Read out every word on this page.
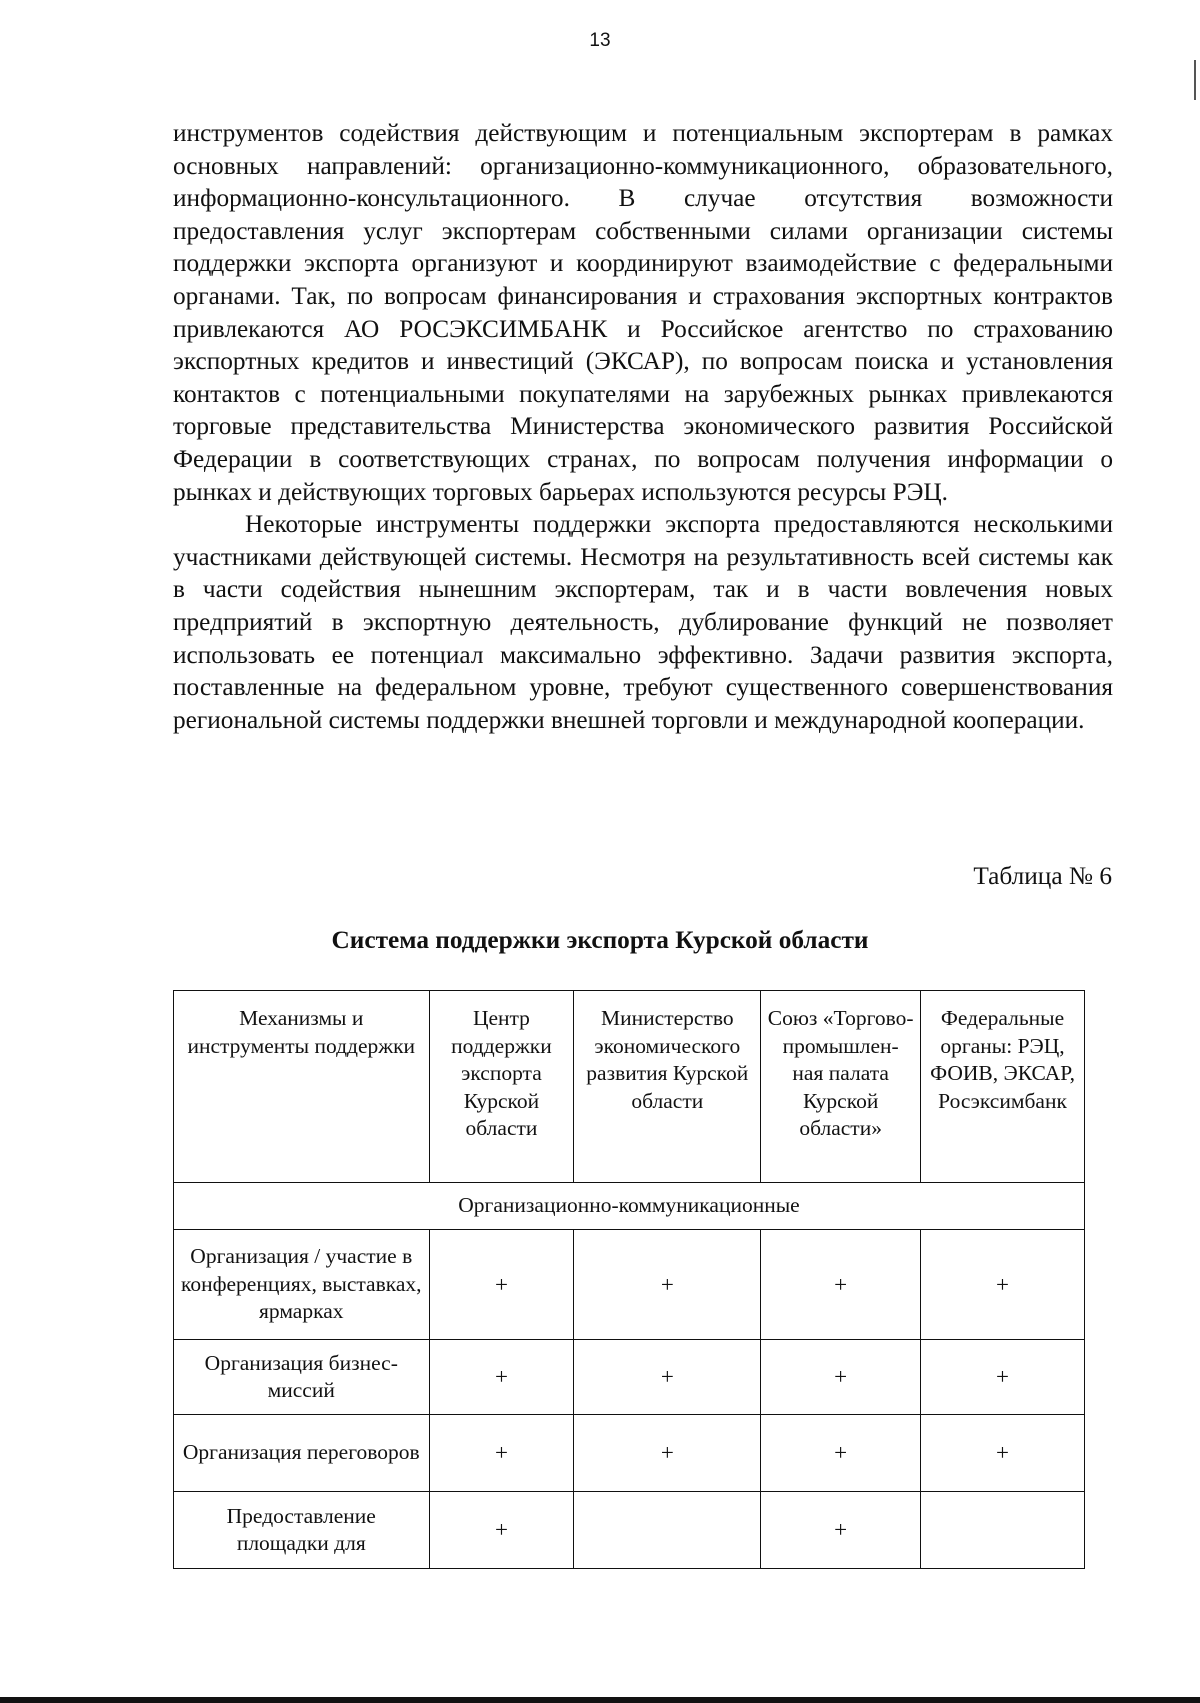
13

инструментов содействия действующим и потенциальным экспортерам в рамках основных направлений: организационно-коммуникационного, образовательного, информационно-консультационного. В случае отсутствия возможности предоставления услуг экспортерам собственными силами организации системы поддержки экспорта организуют и координируют взаимодействие с федеральными органами. Так, по вопросам финансирования и страхования экспортных контрактов привлекаются АО РОСЭКСИМБАНК и Российское агентство по страхованию экспортных кредитов и инвестиций (ЭКСАР), по вопросам поиска и установления контактов с потенциальными покупателями на зарубежных рынках привлекаются торговые представительства Министерства экономического развития Российской Федерации в соответствующих странах, по вопросам получения информации о рынках и действующих торговых барьерах используются ресурсы РЭЦ.

Некоторые инструменты поддержки экспорта предоставляются несколькими участниками действующей системы. Несмотря на результативность всей системы как в части содействия нынешним экспортерам, так и в части вовлечения новых предприятий в экспортную деятельность, дублирование функций не позволяет использовать ее потенциал максимально эффективно. Задачи развития экспорта, поставленные на федеральном уровне, требуют существенного совершенствования региональной системы поддержки внешней торговли и международной кооперации.

Таблица № 6
Система поддержки экспорта Курской области
Механизмы и инструменты поддержки	Центр поддержки экспорта Курской области	Министерство экономического развития Курской области	Союз «Торгово-промышлен-ная палата Курской области»	Федеральные органы: РЭЦ, ФОИВ, ЭКСАР, Росэксимбанк
Организационно-коммуникационные				
Организация / участие в конференциях, выставках, ярмарках	+	+	+	+
Организация бизнес-миссий	+	+	+	+
Организация переговоров	+	+	+	+
Предоставление площадки для	+		+	
